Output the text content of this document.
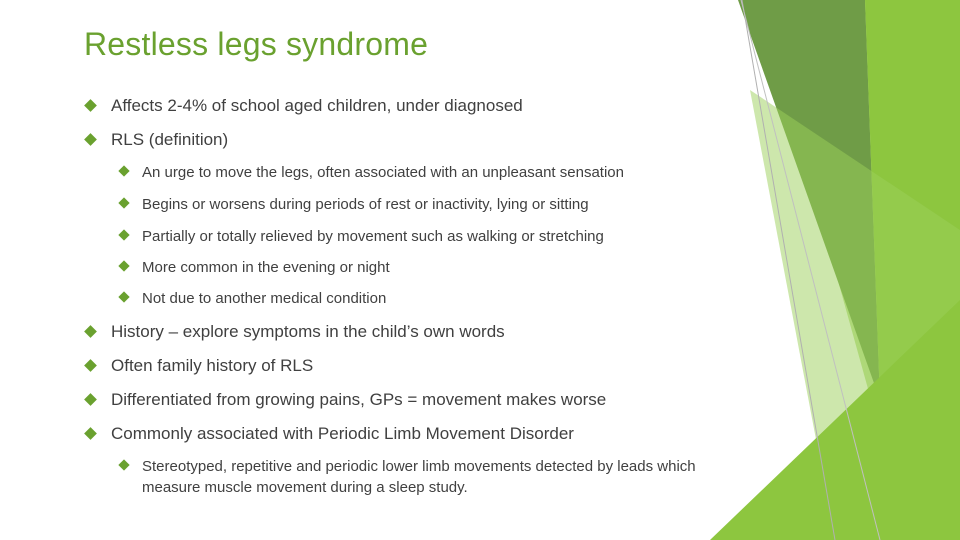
Restless legs syndrome
Affects 2-4% of school aged children, under diagnosed
RLS (definition)
An urge to move the legs, often associated with an unpleasant sensation
Begins or worsens during periods of rest or inactivity, lying or sitting
Partially or totally relieved by movement such as walking or stretching
More common in the evening or night
Not due to another medical condition
History – explore symptoms in the child’s own words
Often family history of RLS
Differentiated from growing pains, GPs = movement makes worse
Commonly associated with Periodic Limb Movement Disorder
Stereotyped, repetitive and periodic lower limb movements detected by leads which measure muscle movement during a sleep study.
